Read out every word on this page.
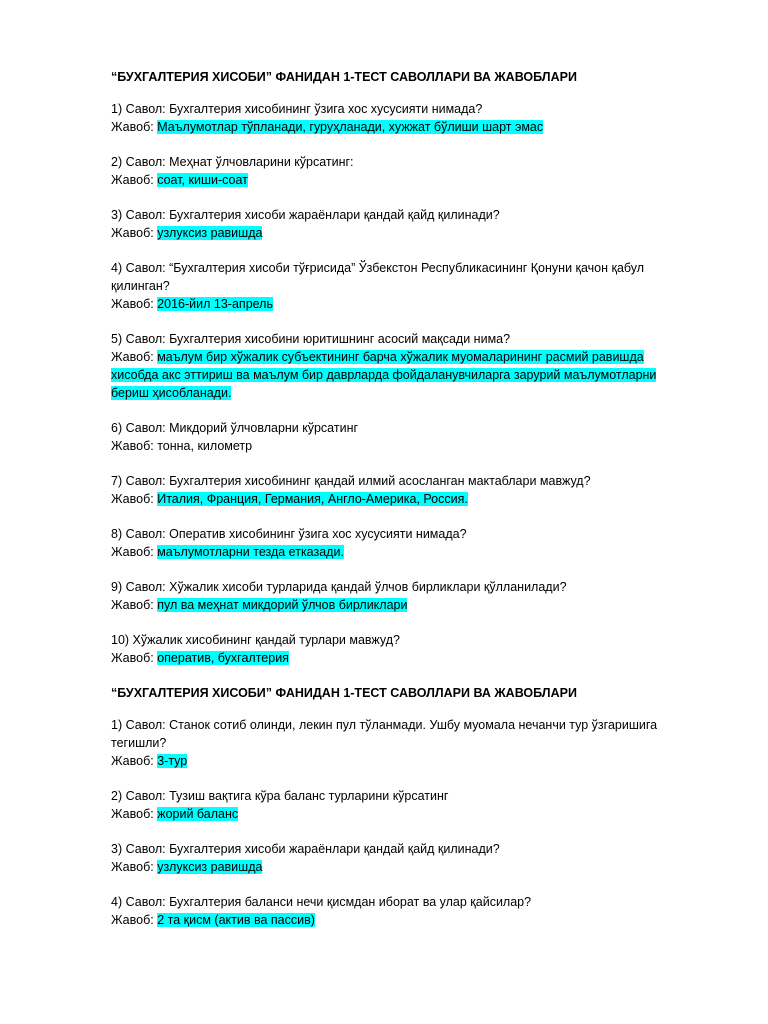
“БУХГАЛТЕРИЯ ХИСОБИ” ФАНИДАН 1-ТЕСТ САВОЛЛАРИ ВА ЖАВОБЛАРИ
1) Савол: Бухгалтерия хисобининг ўзига хос хусусияти нимада?
Жавоб: Маълумотлар тўпланади, гуруҳланади, хужжат бўлиши шарт эмас
2) Савол: Меҳнат ўлчовларини кўрсатинг:
Жавоб: соат, киши-соат
3) Савол: Бухгалтерия хисоби жараёнлари қандай қайд қилинади?
Жавоб: узлуксиз равишда
4) Савол: “Бухгалтерия хисоби тўғрисида” Ўзбекстон Республикасининг Қонуни қачон қабул
қилинган?
Жавоб: 2016-йил 13-апрель
5) Савол: Бухгалтерия хисобини юритишнинг асосий мақсади нима?
Жавоб: маълум бир хўжалик субъектининг барча хўжалик муомаларининг расмий равишда
хисобда акс эттириш ва маълум бир даврларда фойдаланувчиларга зарурий маълумотларни
бериш ҳисобланади.
6) Савол: Микдорий ўлчовларни кўрсатинг
Жавоб: тонна, километр
7) Савол: Бухгалтерия хисобининг қандай илмий асосланган мактаблари мавжуд?
Жавоб: Италия, Франция, Германия, Англо-Америка, Россия.
8) Савол: Оператив хисобининг ўзига хос хусусияти нимада?
Жавоб: маълумотларни тезда етказади.
9) Савол: Хўжалик хисоби турларида қандай ўлчов бирликлари қўлланилади?
Жавоб: пул ва меҳнат микдорий ўлчов бирликлари
10) Хўжалик хисобининг қандай турлари мавжуд?
Жавоб: оператив, бухгалтерия
“БУХГАЛТЕРИЯ ХИСОБИ” ФАНИДАН 1-ТЕСТ САВОЛЛАРИ ВА ЖАВОБЛАРИ
1) Савол: Станок сотиб олинди, лекин пул тўланмади. Ушбу муомала нечанчи тур ўзгаришига
тегишли?
Жавоб: 3-тур
2) Савол: Тузиш вақтига кўра баланс турларини кўрсатинг
Жавоб: жорий баланс
3) Савол: Бухгалтерия хисоби жараёнлари қандай қайд қилинади?
Жавоб: узлуксиз равишда
4) Савол: Бухгалтерия баланси нечи қисмдан иборат ва улар қайсилар?
Жавоб: 2 та қисм (актив ва пассив)
